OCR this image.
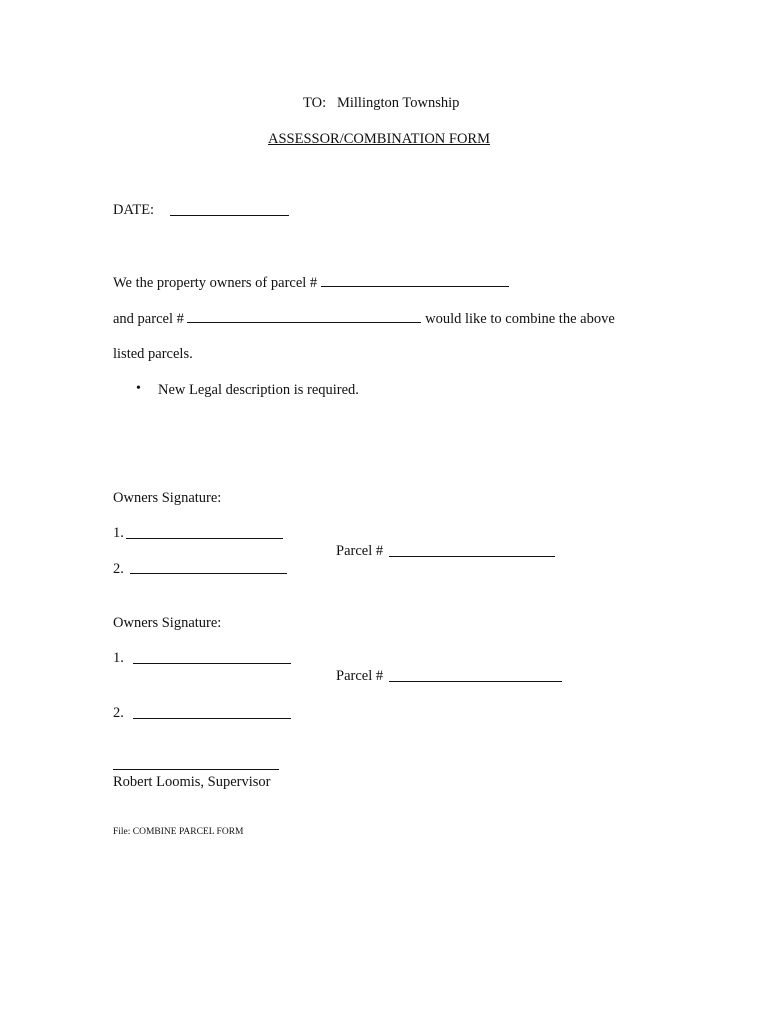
TO: Millington Township
ASSESSOR/COMBINATION FORM
DATE:
We the property owners of parcel #
and parcel #	would like to combine the above
listed parcels.
• New Legal description is required.
Owners Signature:
1.
Parcel #
2.
Owners Signature:
1.
Parcel #
2.
Robert Loomis, Supervisor
File: COMBINE PARCEL FORM
